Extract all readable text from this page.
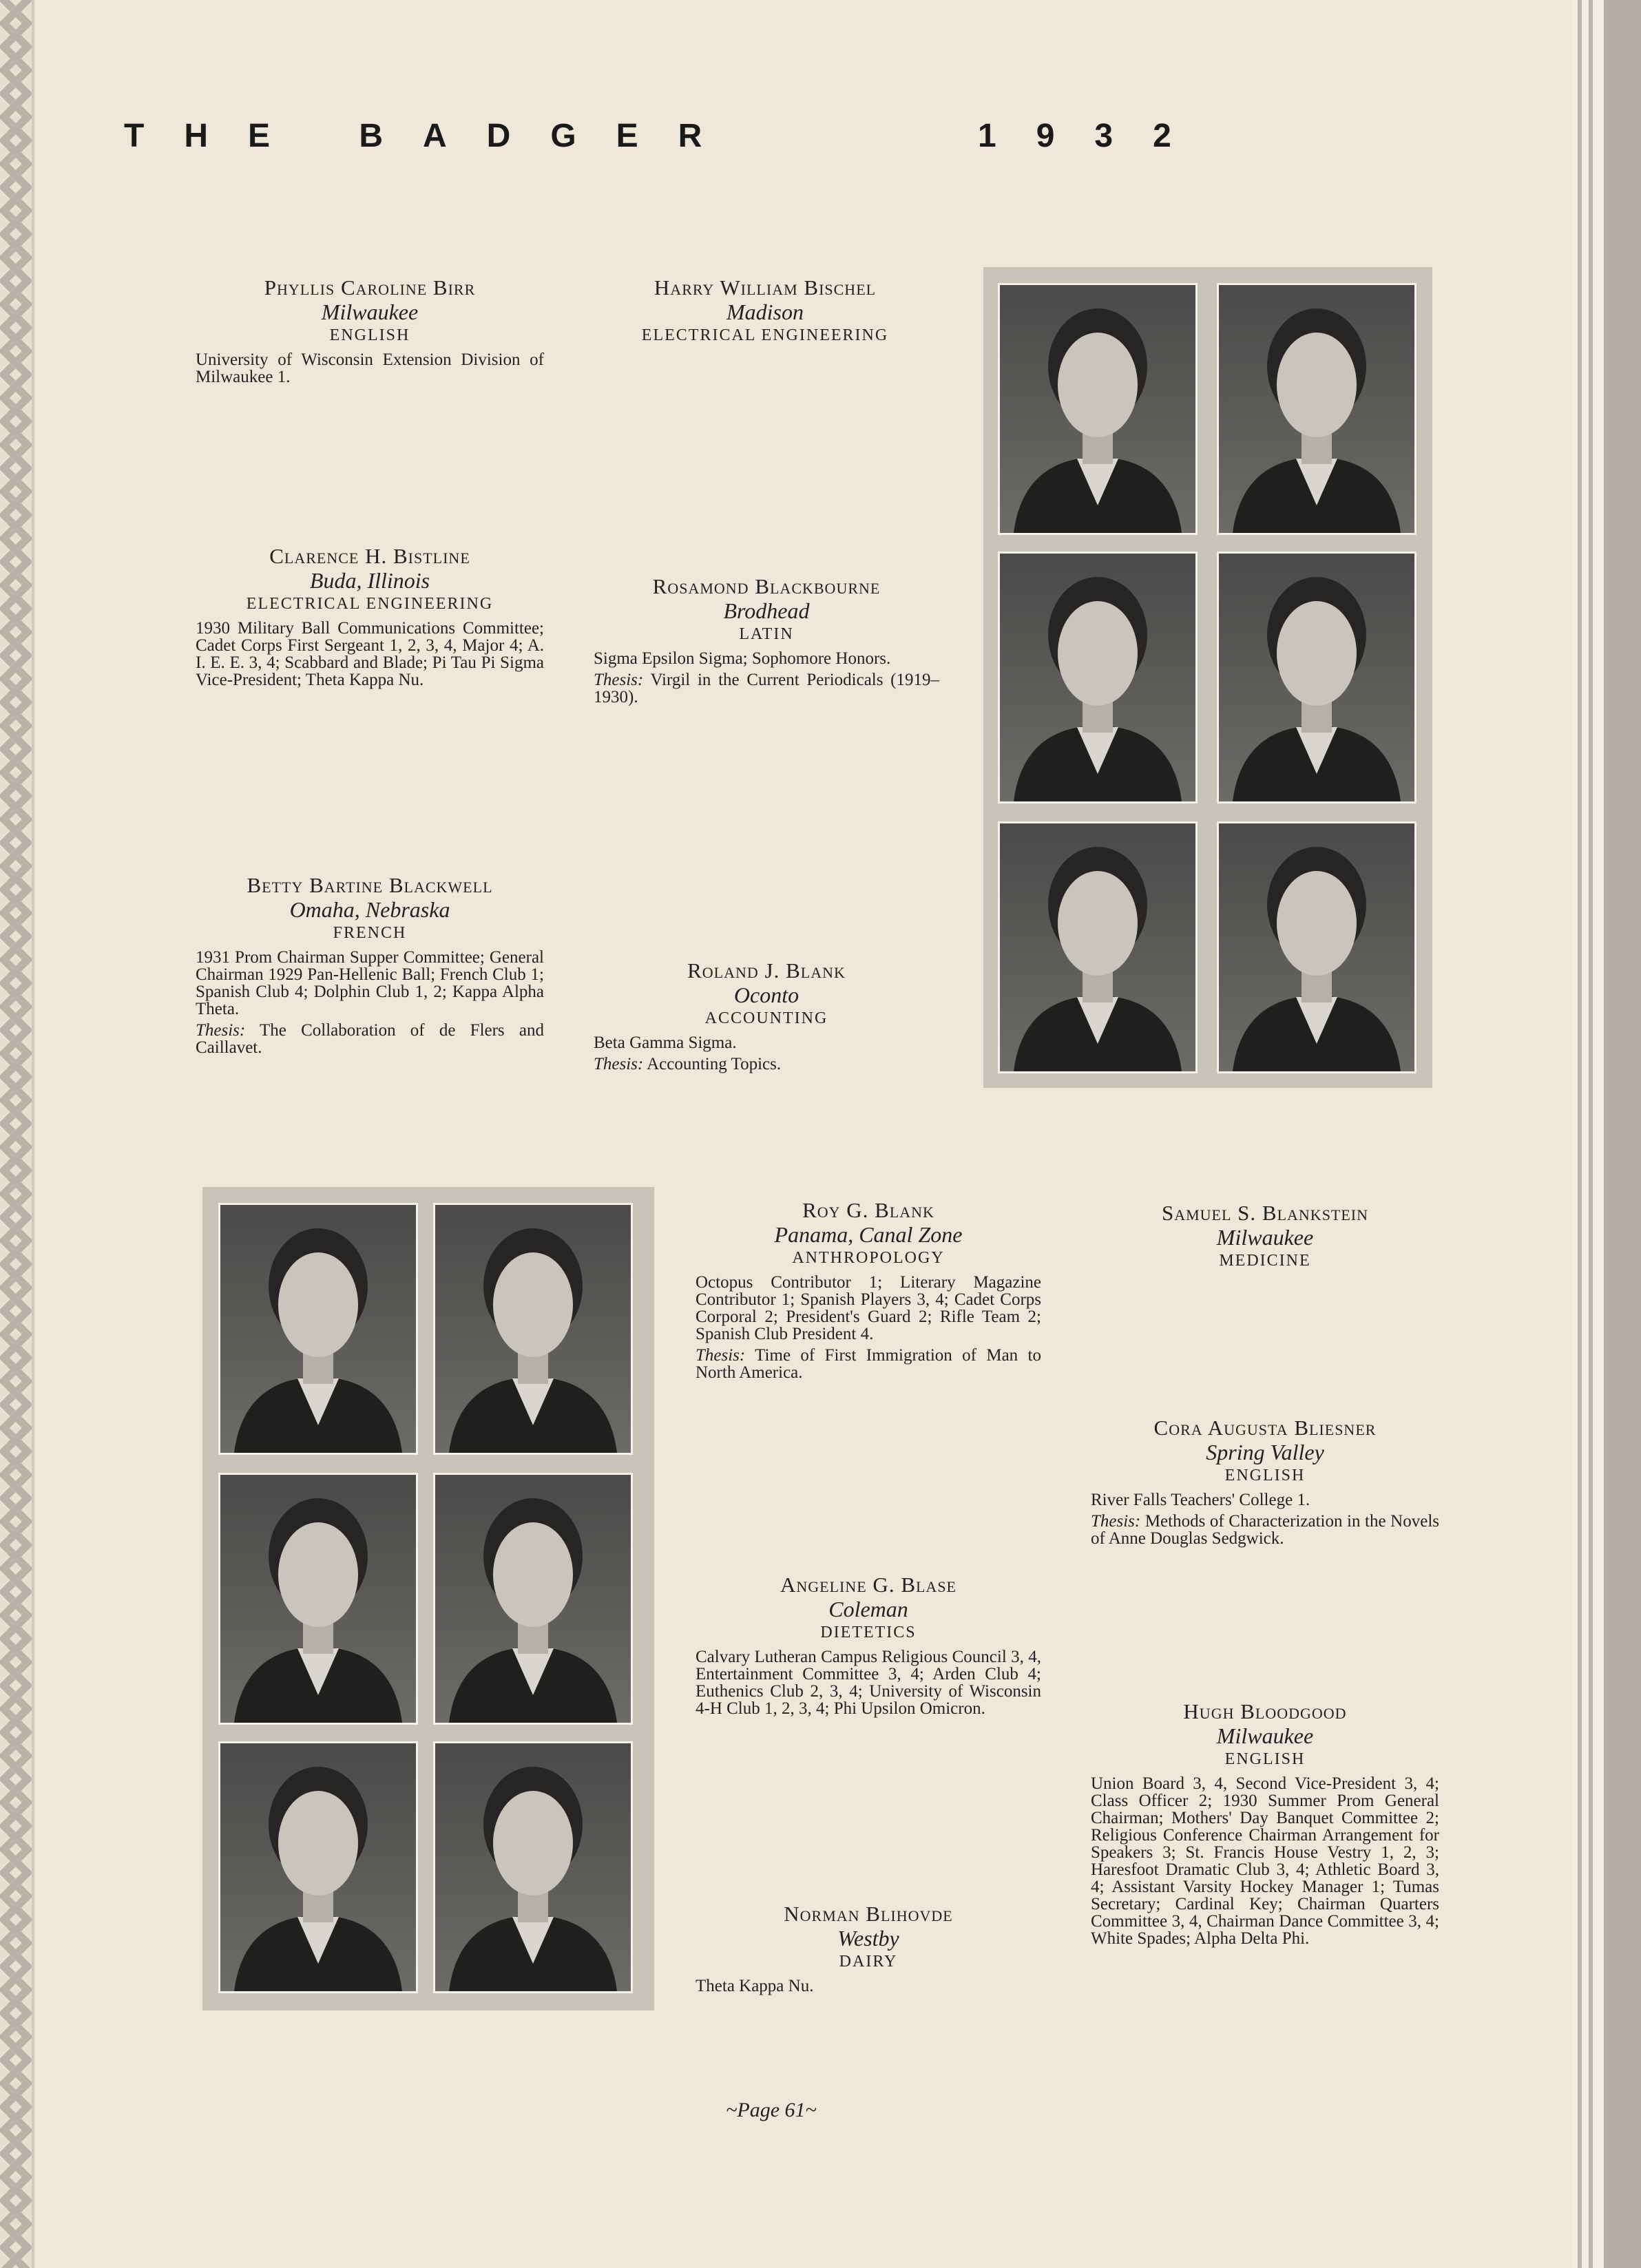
THE BADGER	1932
Phyllis Caroline Birr
Milwaukee
ENGLISH
University of Wisconsin Extension Division of Milwaukee 1.
Harry William Bischel
Madison
ELECTRICAL ENGINEERING
Clarence H. Bistline
Buda, Illinois
ELECTRICAL ENGINEERING
1930 Military Ball Communications Committee; Cadet Corps First Sergeant 1, 2, 3, 4, Major 4; A. I. E. E. 3, 4; Scabbard and Blade; Pi Tau Pi Sigma Vice-President; Theta Kappa Nu.
Rosamond Blackbourne
Brodhead
LATIN
Sigma Epsilon Sigma; Sophomore Honors.
Thesis: Virgil in the Current Periodicals (1919–1930).
Betty Bartine Blackwell
Omaha, Nebraska
FRENCH
1931 Prom Chairman Supper Committee; General Chairman 1929 Pan-Hellenic Ball; French Club 1; Spanish Club 4; Dolphin Club 1, 2; Kappa Alpha Theta.
Thesis: The Collaboration of de Flers and Caillavet.
Roland J. Blank
Oconto
ACCOUNTING
Beta Gamma Sigma.
Thesis: Accounting Topics.
Roy G. Blank
Panama, Canal Zone
ANTHROPOLOGY
Octopus Contributor 1; Literary Magazine Contributor 1; Spanish Players 3, 4; Cadet Corps Corporal 2; President's Guard 2; Rifle Team 2; Spanish Club President 4.
Thesis: Time of First Immigration of Man to North America.
Samuel S. Blankstein
Milwaukee
MEDICINE
Cora Augusta Bliesner
Spring Valley
ENGLISH
River Falls Teachers' College 1.
Thesis: Methods of Characterization in the Novels of Anne Douglas Sedgwick.
Angeline G. Blase
Coleman
DIETETICS
Calvary Lutheran Campus Religious Council 3, 4, Entertainment Committee 3, 4; Arden Club 4; Euthenics Club 2, 3, 4; University of Wisconsin 4-H Club 1, 2, 3, 4; Phi Upsilon Omicron.	Hugh Bloodgood
Milwaukee
ENGLISH
Union Board 3, 4, Second Vice-President 3, 4; Class Officer 2; 1930 Summer Prom General Chairman; Mothers' Day Banquet Committee 2; Religious Conference Chairman Arrangement for Speakers 3; St. Francis House Vestry 1, 2, 3; Haresfoot Dramatic Club 3, 4; Athletic Board 3, 4; Assistant Varsity Hockey Manager 1; Tumas Secretary; Cardinal Key; Chairman Quarters Committee 3, 4, Chairman Dance Committee 3, 4; White Spades; Alpha Delta Phi.
Norman Blihovde
Westby
DAIRY
Theta Kappa Nu.
~Page 61~
